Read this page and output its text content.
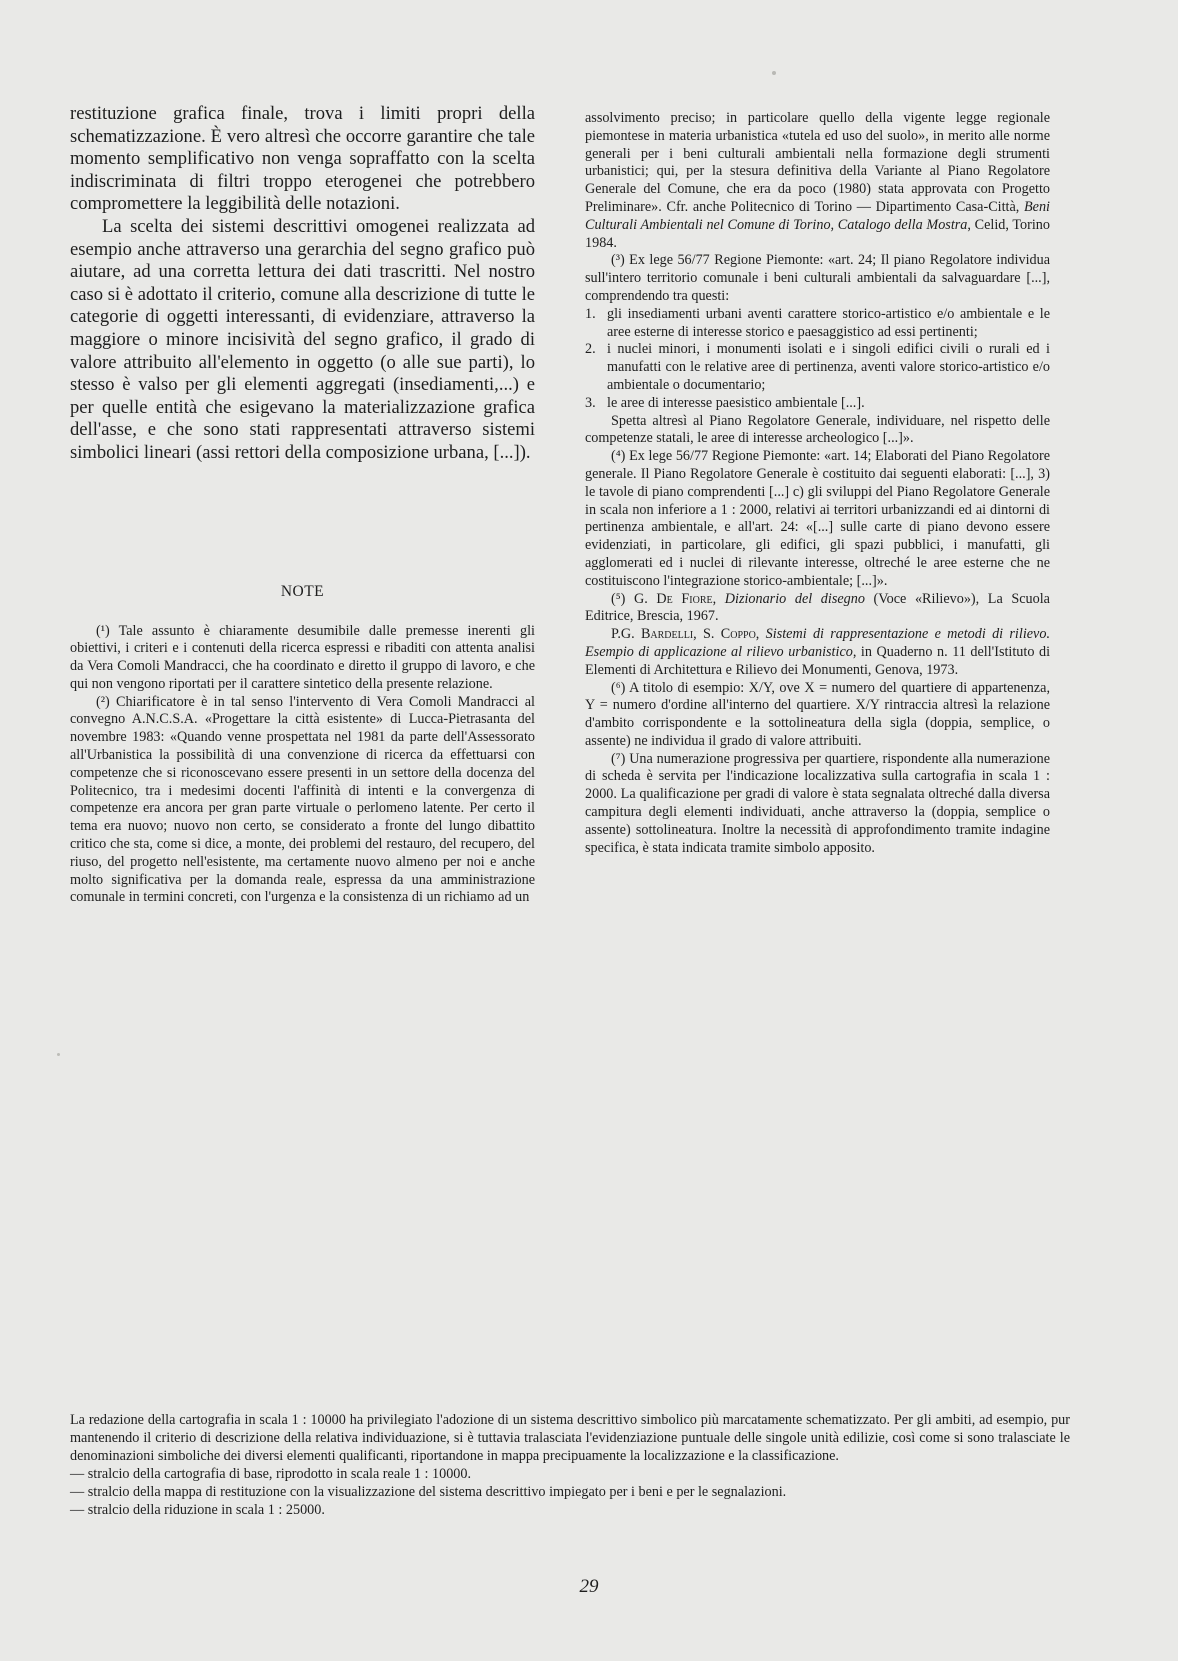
restituzione grafica finale, trova i limiti propri della schematizzazione. È vero altresì che occorre garantire che tale momento semplificativo non venga sopraffatto con la scelta indiscriminata di filtri troppo eterogenei che potrebbero compromettere la leggibilità delle notazioni.

La scelta dei sistemi descrittivi omogenei realizzata ad esempio anche attraverso una gerarchia del segno grafico può aiutare, ad una corretta lettura dei dati trascritti. Nel nostro caso si è adottato il criterio, comune alla descrizione di tutte le categorie di oggetti interessanti, di evidenziare, attraverso la maggiore o minore incisività del segno grafico, il grado di valore attribuito all'elemento in oggetto (o alle sue parti), lo stesso è valso per gli elementi aggregati (insediamenti,...) e per quelle entità che esigevano la materializzazione grafica dell'asse, e che sono stati rappresentati attraverso sistemi simbolici lineari (assi rettori della composizione urbana, [...]).

NOTE

(¹) Tale assunto è chiaramente desumibile dalle premesse inerenti gli obiettivi, i criteri e i contenuti della ricerca espressi e ribaditi con attenta analisi da Vera Comoli Mandracci, che ha coordinato e diretto il gruppo di lavoro, e che qui non vengono riportati per il carattere sintetico della presente relazione.

(²) Chiarificatore è in tal senso l'intervento di Vera Comoli Mandracci al convegno A.N.C.S.A. «Progettare la città esistente» di Lucca-Pietrasanta del novembre 1983: «Quando venne prospettata nel 1981 da parte dell'Assessorato all'Urbanistica la possibilità di una convenzione di ricerca da effettuarsi con competenze che si riconoscevano essere presenti in un settore della docenza del Politecnico, tra i medesimi docenti l'affinità di intenti e la convergenza di competenze era ancora per gran parte virtuale o perlomeno latente. Per certo il tema era nuovo; nuovo non certo, se considerato a fronte del lungo dibattito critico che sta, come si dice, a monte, dei problemi del restauro, del recupero, del riuso, del progetto nell'esistente, ma certamente nuovo almeno per noi e anche molto significativa per la domanda reale, espressa da una amministrazione comunale in termini concreti, con l'urgenza e la consistenza di un richiamo ad un

assolvimento preciso; in particolare quello della vigente legge regionale piemontese in materia urbanistica «tutela ed uso del suolo», in merito alle norme generali per i beni culturali ambientali nella formazione degli strumenti urbanistici; qui, per la stesura definitiva della Variante al Piano Regolatore Generale del Comune, che era da poco (1980) stata approvata con Progetto Preliminare». Cfr. anche Politecnico di Torino — Dipartimento Casa-Città, Beni Culturali Ambientali nel Comune di Torino, Catalogo della Mostra, Celid, Torino 1984.

(³) Ex lege 56/77 Regione Piemonte: «art. 24; Il piano Regolatore individua sull'intero territorio comunale i beni culturali ambientali da salvaguardare [...], comprendendo tra questi:

1. gli insediamenti urbani aventi carattere storico-artistico e/o ambientale e le aree esterne di interesse storico e paesaggistico ad essi pertinenti;
2. i nuclei minori, i monumenti isolati e i singoli edifici civili o rurali ed i manufatti con le relative aree di pertinenza, aventi valore storico-artistico e/o ambientale o documentario;
3. le aree di interesse paesistico ambientale [...].

Spetta altresì al Piano Regolatore Generale, individuare, nel rispetto delle competenze statali, le aree di interesse archeologico [...]».

(⁴) Ex lege 56/77 Regione Piemonte: «art. 14; Elaborati del Piano Regolatore generale. Il Piano Regolatore Generale è costituito dai seguenti elaborati: [...], 3) le tavole di piano comprendenti [...] c) gli sviluppi del Piano Regolatore Generale in scala non inferiore a 1 : 2000, relativi ai territori urbanizzandi ed ai dintorni di pertinenza ambientale, e all'art. 24: «[...] sulle carte di piano devono essere evidenziati, in particolare, gli edifici, gli spazi pubblici, i manufatti, gli agglomerati ed i nuclei di rilevante interesse, oltreché le aree esterne che ne costituiscono l'integrazione storico-ambientale; [...]».

(⁵) G. De Fiore, Dizionario del disegno (Voce «Rilievo»), La Scuola Editrice, Brescia, 1967.

P.G. Bardelli, S. Coppo, Sistemi di rappresentazione e metodi di rilievo. Esempio di applicazione al rilievo urbanistico, in Quaderno n. 11 dell'Istituto di Elementi di Architettura e Rilievo dei Monumenti, Genova, 1973.

(⁶) A titolo di esempio: X/Y, ove X = numero del quartiere di appartenenza, Y = numero d'ordine all'interno del quartiere. X/Y rintraccia altresì la relazione d'ambito corrispondente e la sottolineatura della sigla (doppia, semplice, o assente) ne individua il grado di valore attribuiti.

(⁷) Una numerazione progressiva per quartiere, rispondente alla numerazione di scheda è servita per l'indicazione localizzativa sulla cartografia in scala 1 : 2000. La qualificazione per gradi di valore è stata segnalata oltreché dalla diversa campitura degli elementi individuati, anche attraverso la (doppia, semplice o assente) sottolineatura. Inoltre la necessità di approfondimento tramite indagine specifica, è stata indicata tramite simbolo apposito.

La redazione della cartografia in scala 1 : 10000 ha privilegiato l'adozione di un sistema descrittivo simbolico più marcatamente schematizzato. Per gli ambiti, ad esempio, pur mantenendo il criterio di descrizione della relativa individuazione, si è tuttavia tralasciata l'evidenziazione puntuale delle singole unità edilizie, così come si sono tralasciate le denominazioni simboliche dei diversi elementi qualificanti, riportandone in mappa precipuamente la localizzazione e la classificazione.

— stralcio della cartografia di base, riprodotto in scala reale 1 : 10000.

— stralcio della mappa di restituzione con la visualizzazione del sistema descrittivo impiegato per i beni e per le segnalazioni.

— stralcio della riduzione in scala 1 : 25000.

29
